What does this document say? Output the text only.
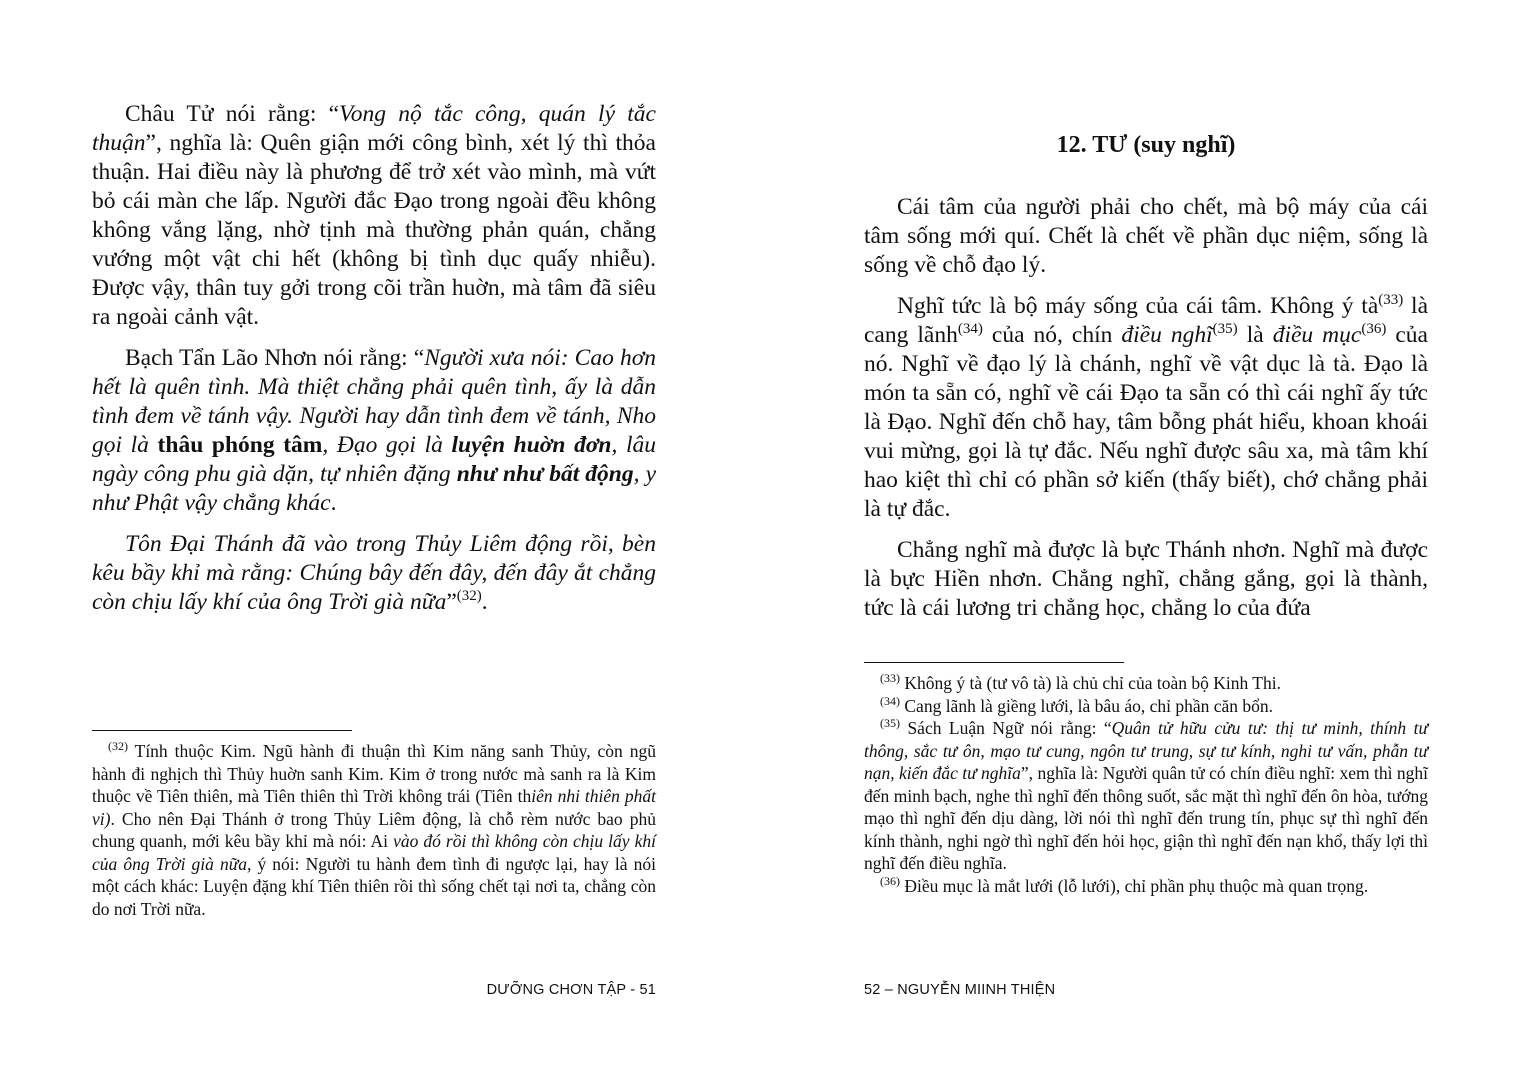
Châu Tử nói rằng: “Vong nộ tắc công, quán lý tắc thuận”, nghĩa là: Quên giận mới công bình, xét lý thì thỏa thuận. Hai điều này là phương để trở xét vào mình, mà vứt bỏ cái màn che lấp. Người đắc Đạo trong ngoài đều không không vắng lặng, nhờ tịnh mà thường phản quán, chẳng vướng một vật chi hết (không bị tình dục quấy nhiễu). Được vậy, thân tuy gởi trong cõi trần huờn, mà tâm đã siêu ra ngoài cảnh vật.

Bạch Tẩn Lão Nhơn nói rằng: “Người xưa nói: Cao hơn hết là quên tình. Mà thiệt chẳng phải quên tình, ấy là dẫn tình đem về tánh vậy. Người hay dẫn tình đem về tánh, Nho gọi là thâu phóng tâm, Đạo gọi là luyện huờn đơn, lâu ngày công phu già dặn, tự nhiên đặng như như bất động, y như Phật vậy chẳng khác.

Tôn Đại Thánh đã vào trong Thủy Liêm động rồi, bèn kêu bầy khỉ mà rằng: Chúng bây đến đây, đến đây ắt chẳng còn chịu lấy khí của ông Trời già nữa”$^{(32)}$.

$^{(32)}$ Tính thuộc Kim. Ngũ hành đi thuận thì Kim năng sanh Thủy, còn ngũ hành đi nghịch thì Thủy huờn sanh Kim. Kim ở trong nước mà sanh ra là Kim thuộc về Tiên thiên, mà Tiên thiên thì Trời không trái (Tiên thiên nhi thiên phất vi). Cho nên Đại Thánh ở trong Thủy Liêm động, là chỗ rèm nước bao phủ chung quanh, mới kêu bầy khỉ mà nói: Ai vào đó rồi thì không còn chịu lấy khí của ông Trời già nữa, ý nói: Người tu hành đem tình đi ngược lại, hay là nói một cách khác: Luyện đặng khí Tiên thiên rồi thì sống chết tại nơi ta, chẳng còn do nơi Trời nữa.

DƯỠNG CHƠN TẬP - 51
12. TƯ (suy nghĩ)

Cái tâm của người phải cho chết, mà bộ máy của cái tâm sống mới quí. Chết là chết về phần dục niệm, sống là sống về chỗ đạo lý.

Nghĩ tức là bộ máy sống của cái tâm. Không ý $tà^{(33)}$ là cang lãnh$^{(34)}$ của nó, chín điều nghĩ$^{(35)}$ là điều mục$^{(36)}$ của nó. Nghĩ về đạo lý là chánh, nghĩ về vật dục là tà. Đạo là món ta sẵn có, nghĩ về cái Đạo ta sẵn có thì cái nghĩ ấy tức là Đạo. Nghĩ đến chỗ hay, tâm bỗng phát hiểu, khoan khoái vui mừng, gọi là tự đắc. Nếu nghĩ được sâu xa, mà tâm khí hao kiệt thì chỉ có phần sở kiến (thấy biết), chớ chẳng phải là tự đắc.

Chẳng nghĩ mà được là bực Thánh nhơn. Nghĩ mà được là bực Hiền nhơn. Chẳng nghĩ, chẳng gắng, gọi là thành, tức là cái lương tri chẳng học, chẳng lo của đứa

$^{(33)}$ Không ý tà (tư vô tà) là chủ chỉ của toàn bộ Kinh Thi.

$^{(34)}$ Cang lãnh là giềng lưới, là bâu áo, chỉ phần căn bổn.

$^{(35)}$ Sách Luận Ngữ nói rằng: “Quân tử hữu cửu tư: thị tư minh, thính tư thông, sắc tư ôn, mạo tư cung, ngôn tư trung, sự tư kính, nghi tư vấn, phẫn tư nạn, kiến đắc tư nghĩa”, nghĩa là: Người quân tử có chín điều nghĩ: xem thì nghĩ đến minh bạch, nghe thì nghĩ đến thông suốt, sắc mặt thì nghĩ đến ôn hòa, tướng mạo thì nghĩ đến dịu dàng, lời nói thì nghĩ đến trung tín, phục sự thì nghĩ đến kính thành, nghi ngờ thì nghĩ đến hỏi học, giận thì nghĩ đến nạn khổ, thấy lợi thì nghĩ đến điều nghĩa.

$^{(36)}$ Điều mục là mắt lưới (lỗ lưới), chỉ phần phụ thuộc mà quan trọng.

52 – NGUYỄN MIINH THIỆN
